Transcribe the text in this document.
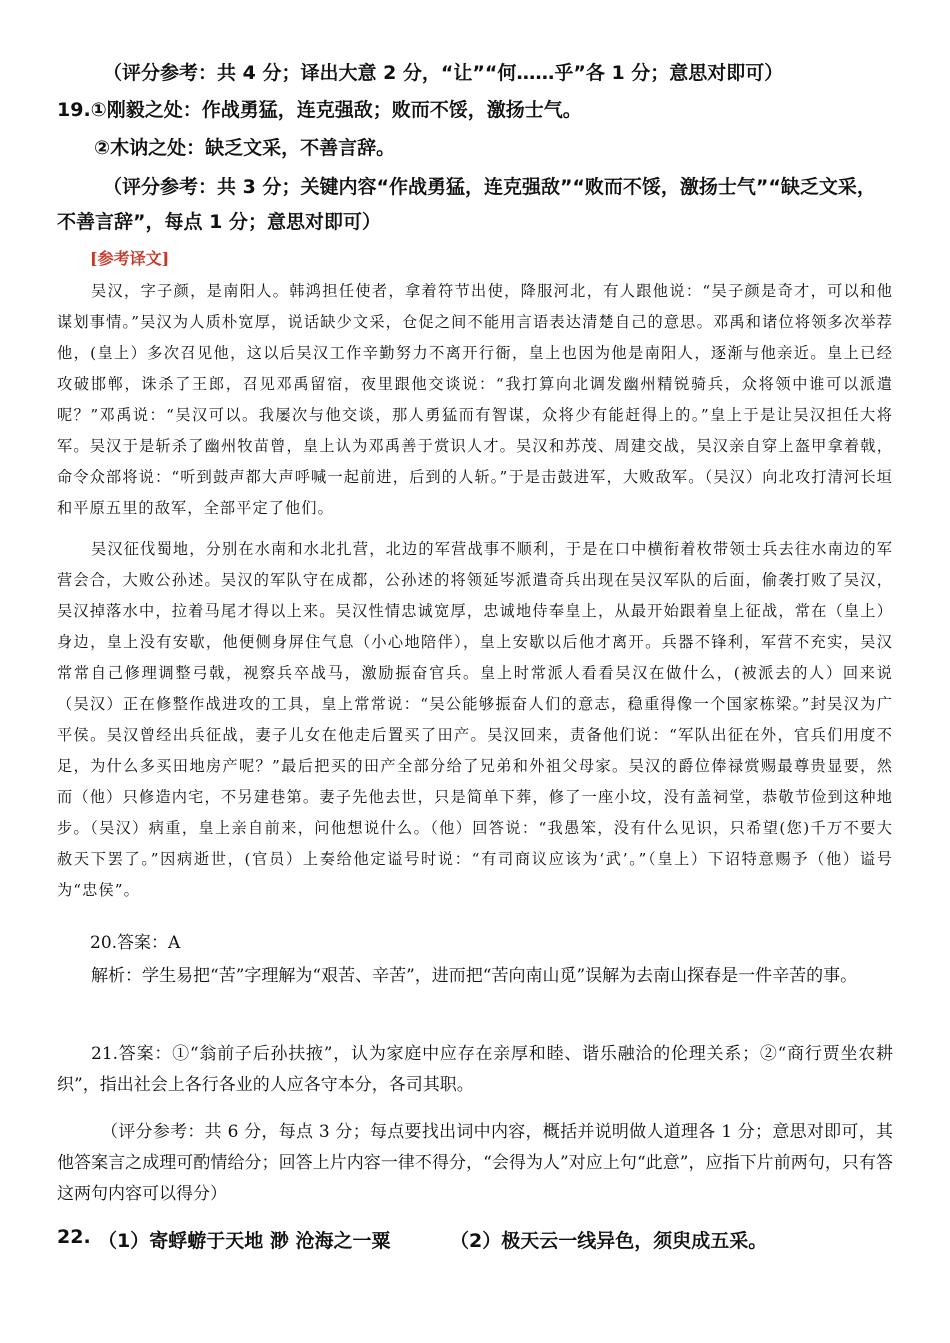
（评分参考：共 4 分；译出大意 2 分，“让”“何……乎”各 1 分；意思对即可）
19.①刚毅之处：作战勇猛，连克强敌；败而不馁，激扬士气。
②木讷之处：缺乏文采，不善言辞。
（评分参考：共 3 分；关键内容“作战勇猛，连克强敌”“败而不馁，激扬士气”“缺乏文采，
不善言辞”，每点 1 分；意思对即可）
[参考译文]

吴汉，字子颜，是南阳人。韩鸿担任使者，拿着符节出使，降服河北，有人跟他说：“吴子颜是奇才，可以和他谋划事情。”吴汉为人质朴宽厚，说话缺少文采，仓促之间不能用言语表达清楚自己的意思。邓禹和诸位将领多次举荐他，(皇上）多次召见他，这以后吴汉工作辛勤努力不离开行衙，皇上也因为他是南阳人，逐渐与他亲近。皇上已经攻破邯郸，诛杀了王郎，召见邓禹留宿，夜里跟他交谈说：“我打算向北调发幽州精锐骑兵，众将领中谁可以派遣呢？”邓禹说：“吴汉可以。我屡次与他交谈，那人勇猛而有智谋，众将少有能赶得上的。”皇上于是让吴汉担任大将军。吴汉于是斩杀了幽州牧苗曾，皇上认为邓禹善于赏识人才。吴汉和苏茂、周建交战，吴汉亲自穿上盔甲拿着戟，命令众部将说：“听到鼓声都大声呼喊一起前进，后到的人斩。”于是击鼓进军，大败敌军。（吴汉）向北攻打清河长垣和平原五里的敌军，全部平定了他们。

吴汉征伐蜀地，分别在水南和水北扎营，北边的军营战事不顺利，于是在口中横衔着枚带领士兵去往水南边的军营会合，大败公孙述。吴汉的军队守在成都，公孙述的将领延岑派遣奇兵出现在吴汉军队的后面，偷袭打败了吴汉，吴汉掉落水中，拉着马尾才得以上来。吴汉性情忠诚宽厚，忠诚地侍奉皇上，从最开始跟着皇上征战，常在（皇上）身边，皇上没有安歇，他便侧身屏住气息（小心地陪伴），皇上安歇以后他才离开。兵器不锋利，军营不充实，吴汉常常自己修理调整弓戟，视察兵卒战马，激励振奋官兵。皇上时常派人看看吴汉在做什么，(被派去的人）回来说（吴汉）正在修整作战进攻的工具，皇上常常说：“吴公能够振奋人们的意志，稳重得像一个国家栋梁。”封吴汉为广平侯。吴汉曾经出兵征战，妻子儿女在他走后置买了田产。吴汉回来，责备他们说：“军队出征在外，官兵们用度不足，为什么多买田地房产呢？”最后把买的田产全部分给了兄弟和外祖父母家。吴汉的爵位俸禄赏赐最尊贵显要，然而（他）只修造内宅，不另建巷第。妻子先他去世，只是简单下葬，修了一座小坟，没有盖祠堂，恭敬节俭到这种地步。（吴汉）病重，皇上亲自前来，问他想说什么。（他）回答说：“我愚笨，没有什么见识，只希望(您)千万不要大赦天下罢了。”因病逝世，(官员）上奏给他定谥号时说：“有司商议应该为‘武’。”（皇上）下诏特意赐予（他）谥号为“忠侯”。

20.答案：A

解析：学生易把“苦”字理解为“艰苦、辛苦”，进而把“苦向南山觅”误解为去南山探春是一件辛苦的事。

21.答案：①“翁前子后孙扶掖”，认为家庭中应存在亲厚和睦、谐乐融洽的伦理关系；②“商行贾坐农耕织”，指出社会上各行各业的人应各守本分，各司其职。

（评分参考：共 6 分，每点 3 分；每点要找出词中内容，概括并说明做人道理各 1 分；意思对即可，其他答案言之成理可酌情给分；回答上片内容一律不得分，“会得为人”对应上句“此意”，应指下片前两句，只有答这两句内容可以得分）

22. （1）寄蜉蝣于天地 渺 沧海之一粟	（2）极天云一线异色，须臾成五采。
